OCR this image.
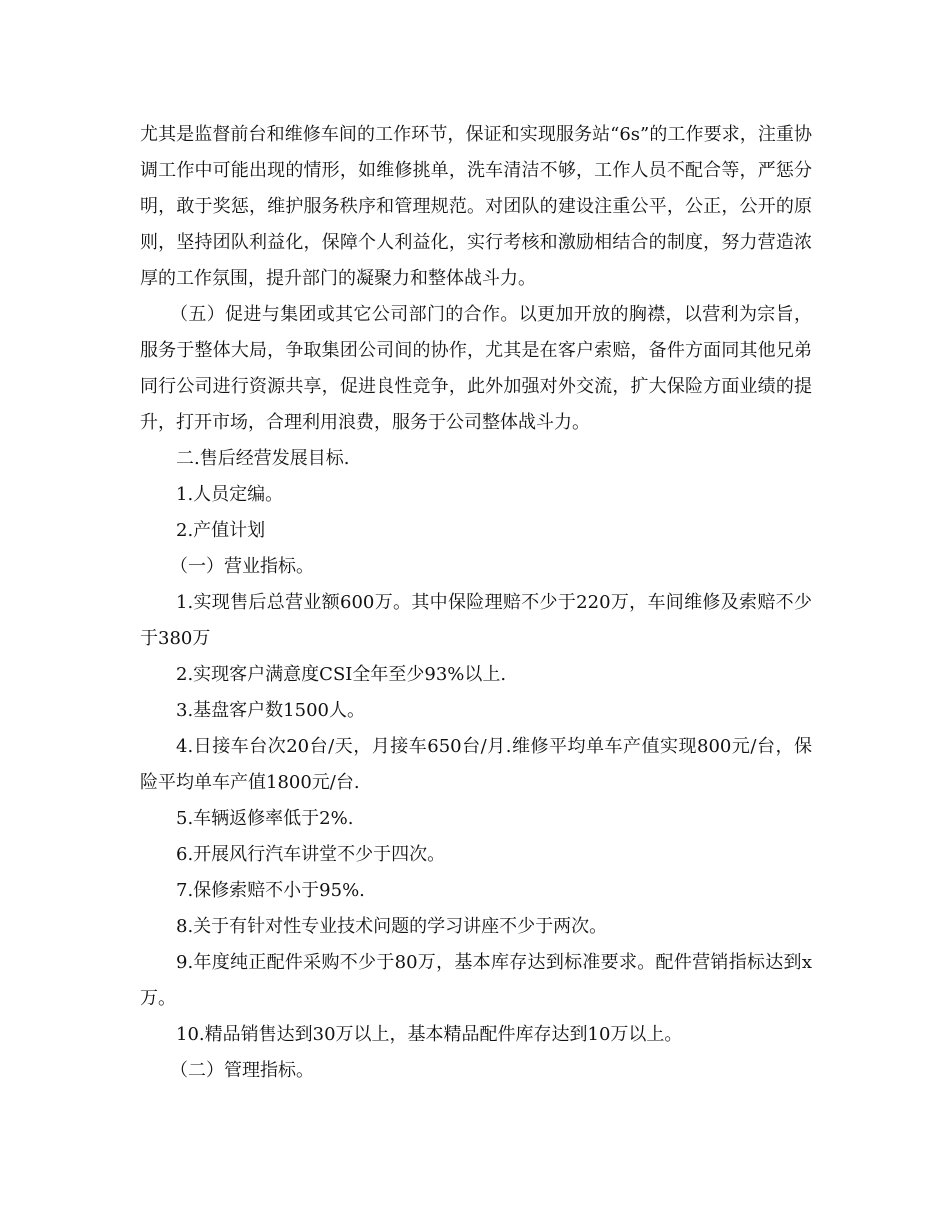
尤其是监督前台和维修车间的工作环节，保证和实现服务站“6s”的工作要求，注重协调工作中可能出现的情形，如维修挑单，洗车清洁不够，工作人员不配合等，严惩分明，敢于奖惩，维护服务秩序和管理规范。对团队的建设注重公平，公正，公开的原则，坚持团队利益化，保障个人利益化，实行考核和激励相结合的制度，努力营造浓厚的工作氛围，提升部门的凝聚力和整体战斗力。

（五）促进与集团或其它公司部门的合作。以更加开放的胸襟，以营利为宗旨，服务于整体大局，争取集团公司间的协作，尤其是在客户索赔，备件方面同其他兄弟同行公司进行资源共享，促进良性竞争，此外加强对外交流，扩大保险方面业绩的提升，打开市场，合理利用浪费，服务于公司整体战斗力。

二.售后经营发展目标.

1.人员定编。

2.产值计划

（一）营业指标。

1.实现售后总营业额600万。其中保险理赔不少于220万，车间维修及索赔不少于380万

2.实现客户满意度CSI全年至少93%以上.

3.基盘客户数1500人。

4.日接车台次20台/天，月接车650台/月.维修平均单车产值实现800元/台，保险平均单车产值1800元/台.

5.车辆返修率低于2%.

6.开展风行汽车讲堂不少于四次。

7.保修索赔不小于95%.

8.关于有针对性专业技术问题的学习讲座不少于两次。

9.年度纯正配件采购不少于80万，基本库存达到标准要求。配件营销指标达到x万。

10.精品销售达到30万以上，基本精品配件库存达到10万以上。

（二）管理指标。
